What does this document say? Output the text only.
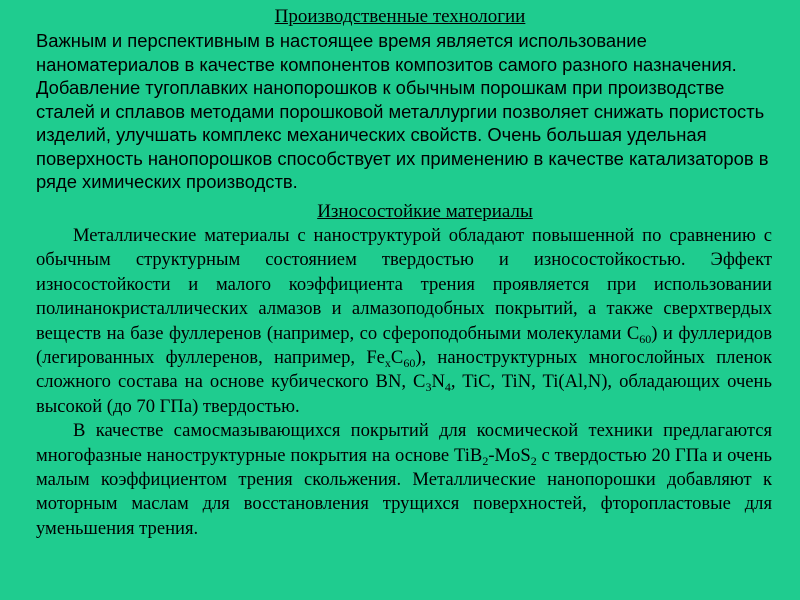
Производственные технологии

Важным и перспективным в настоящее время является использование наноматериалов в качестве компонентов композитов самого разного назначения. Добавление тугоплавких нанопорошков к обычным порошкам при производстве сталей и сплавов методами порошковой металлургии позволяет снижать пористость изделий, улучшать комплекс механических свойств. Очень большая удельная поверхность нанопорошков способствует их применению в качестве катализаторов в ряде химических производств.

Износостойкие материалы

Металлические материалы с наноструктурой обладают повышенной по сравнению с обычным структурным состоянием твердостью и износостойкостью. Эффект износостойкости и малого коэффициента трения проявляется при использовании полинанокристаллических алмазов и алмазоподобных покрытий, а также сверхтвердых веществ на базе фуллеренов (например, со сфероподобными молекулами $C_{60}$) и фуллеридов (легированных фуллеренов, например, $Fe_xC_{60}$), наноструктурных многослойных пленок сложного состава на основе кубического BN, $C_3N_4$, TiC, TiN, Ti(Al,N), обладающих очень высокой (до 70 ГПа) твердостью.

В качестве самосмазывающихся покрытий для космической техники предлагаются многофазные наноструктурные покрытия на основе TiB$_2$-MoS$_2$ с твердостью 20 ГПа и очень малым коэффициентом трения скольжения. Металлические нанопорошки добавляют к моторным маслам для восстановления трущихся поверхностей, фторопластовые для уменьшения трения.
